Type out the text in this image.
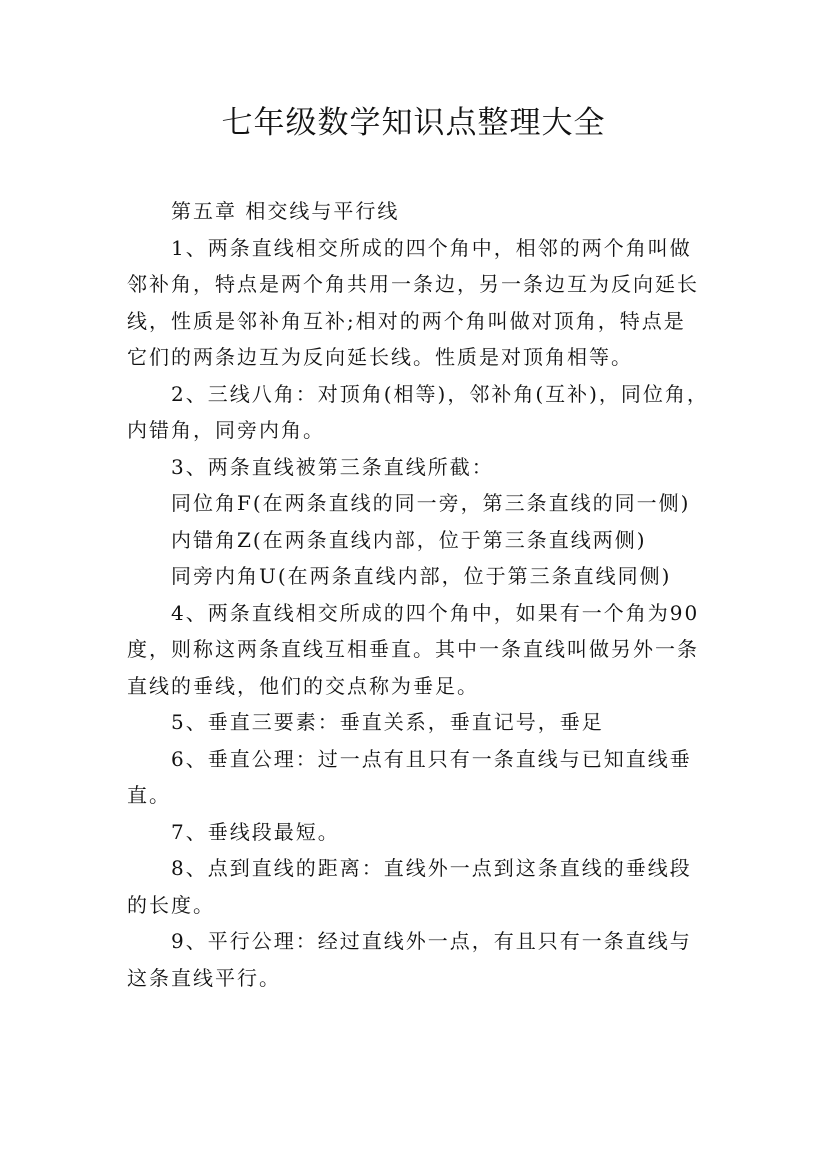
七年级数学知识点整理大全

第五章 相交线与平行线

1、两条直线相交所成的四个角中，相邻的两个角叫做

邻补角，特点是两个角共用一条边，另一条边互为反向延长

线，性质是邻补角互补;相对的两个角叫做对顶角，特点是

它们的两条边互为反向延长线。性质是对顶角相等。

2、三线八角：对顶角(相等)，邻补角(互补)，同位角，

内错角，同旁内角。

3、两条直线被第三条直线所截：

同位角F(在两条直线的同一旁，第三条直线的同一侧)

内错角Z(在两条直线内部，位于第三条直线两侧)

同旁内角U(在两条直线内部，位于第三条直线同侧)

4、两条直线相交所成的四个角中，如果有一个角为90

度，则称这两条直线互相垂直。其中一条直线叫做另外一条

直线的垂线，他们的交点称为垂足。

5、垂直三要素：垂直关系，垂直记号，垂足

6、垂直公理：过一点有且只有一条直线与已知直线垂

直。

7、垂线段最短。

8、点到直线的距离：直线外一点到这条直线的垂线段

的长度。

9、平行公理：经过直线外一点，有且只有一条直线与

这条直线平行。
